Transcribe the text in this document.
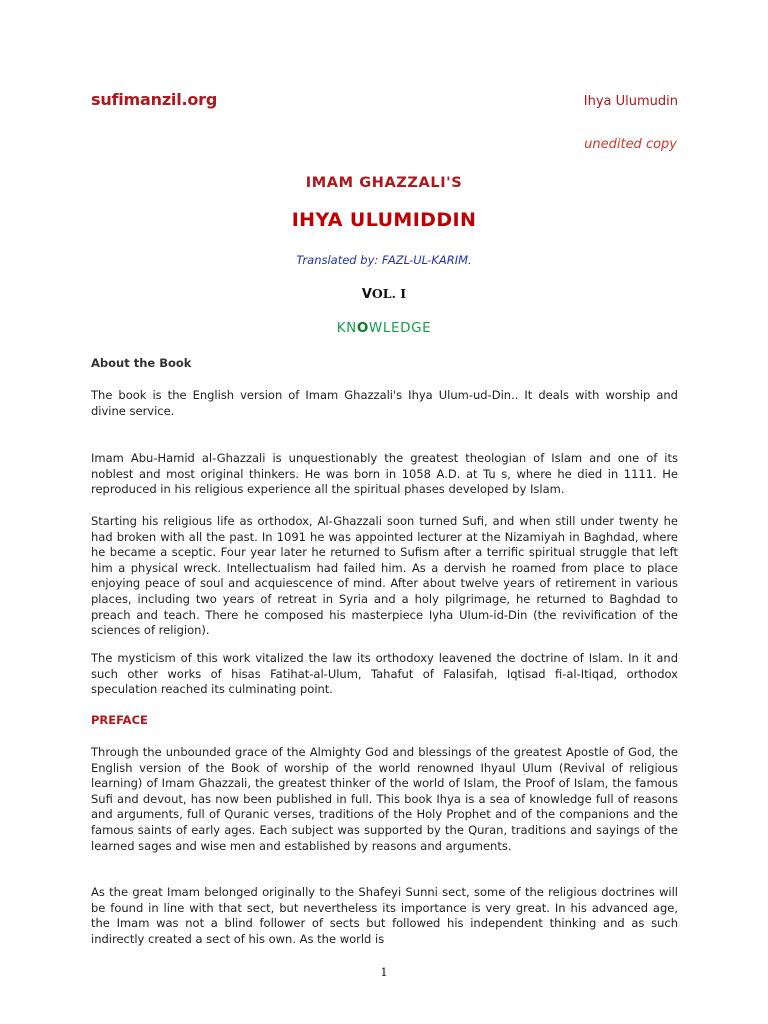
sufimanzil.org	Ihya Ulumudin
unedited copy
IMAM GHAZZALI'S
IHYA ULUMIDDIN
Translated by: FAZL-UL-KARIM.
VOL. I
KNOWLEDGE
About the Book

The book is the English version of Imam Ghazzali's Ihya Ulum-ud-Din.. It deals with worship and divine service.

Imam Abu-Hamid al-Ghazzali is unquestionably the greatest theologian of Islam and one of its noblest and most original thinkers. He was born in 1058 A.D. at Tu s, where he died in 1111. He reproduced in his religious experience all the spiritual phases developed by Islam.

Starting his religious life as orthodox, Al-Ghazzali soon turned Sufi, and when still under twenty he had broken with all the past. In 1091 he was appointed lecturer at the Nizamiyah in Baghdad, where he became a sceptic. Four year later he returned to Sufism after a terrific spiritual struggle that left him a physical wreck. Intellectualism had failed him. As a dervish he roamed from place to place enjoying peace of soul and acquiescence of mind. After about twelve years of retirement in various places, including two years of retreat in Syria and a holy pilgrimage, he returned to Baghdad to preach and teach. There he composed his masterpiece Iyha Ulum-id-Din (the revivification of the sciences of religion).

The mysticism of this work vitalized the law its orthodoxy leavened the doctrine of Islam. In it and such other works of hisas Fatihat-al-Ulum, Tahafut of Falasifah, Iqtisad fi-al-Itiqad, orthodox speculation reached its culminating point.

PREFACE

Through the unbounded grace of the Almighty God and blessings of the greatest Apostle of God, the English version of the Book of worship of the world renowned Ihyaul Ulum (Revival of religious learning) of Imam Ghazzali, the greatest thinker of the world of Islam, the Proof of Islam, the famous Sufi and devout, has now been published in full. This book Ihya is a sea of knowledge full of reasons and arguments, full of Quranic verses, traditions of the Holy Prophet and of the companions and the famous saints of early ages. Each subject was supported by the Quran, traditions and sayings of the learned sages and wise men and established by reasons and arguments.

As the great Imam belonged originally to the Shafeyi Sunni sect, some of the religious doctrines will be found in line with that sect, but nevertheless its importance is very great. In his advanced age, the Imam was not a blind follower of sects but followed his independent thinking and as such indirectly created a sect of his own. As the world is

1
